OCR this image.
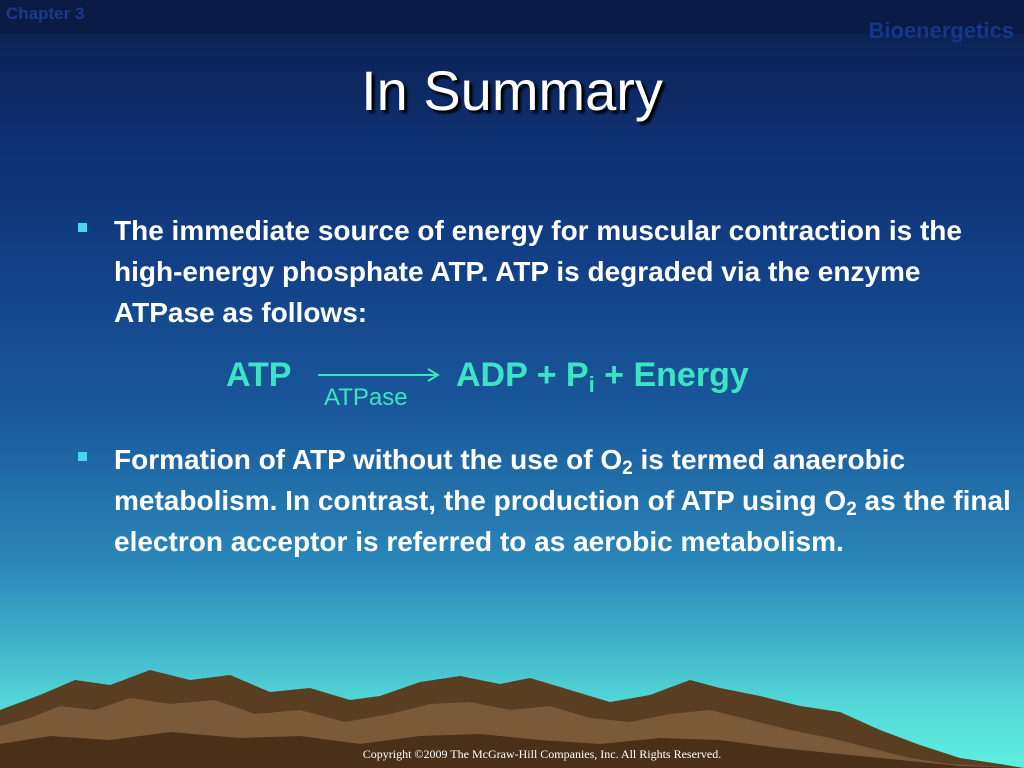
Chapter 3
Bioenergetics
In Summary
The immediate source of energy for muscular contraction is the high-energy phosphate ATP. ATP is degraded via the enzyme ATPase as follows:
ATP
ATPase
ADP + $P_i$ + Energy
Formation of ATP without the use of $O_2$ is termed anaerobic metabolism. In contrast, the production of ATP using $O_2$ as the final electron acceptor is referred to as aerobic metabolism.
Copyright ©2009 The McGraw-Hill Companies, Inc. All Rights Reserved.
